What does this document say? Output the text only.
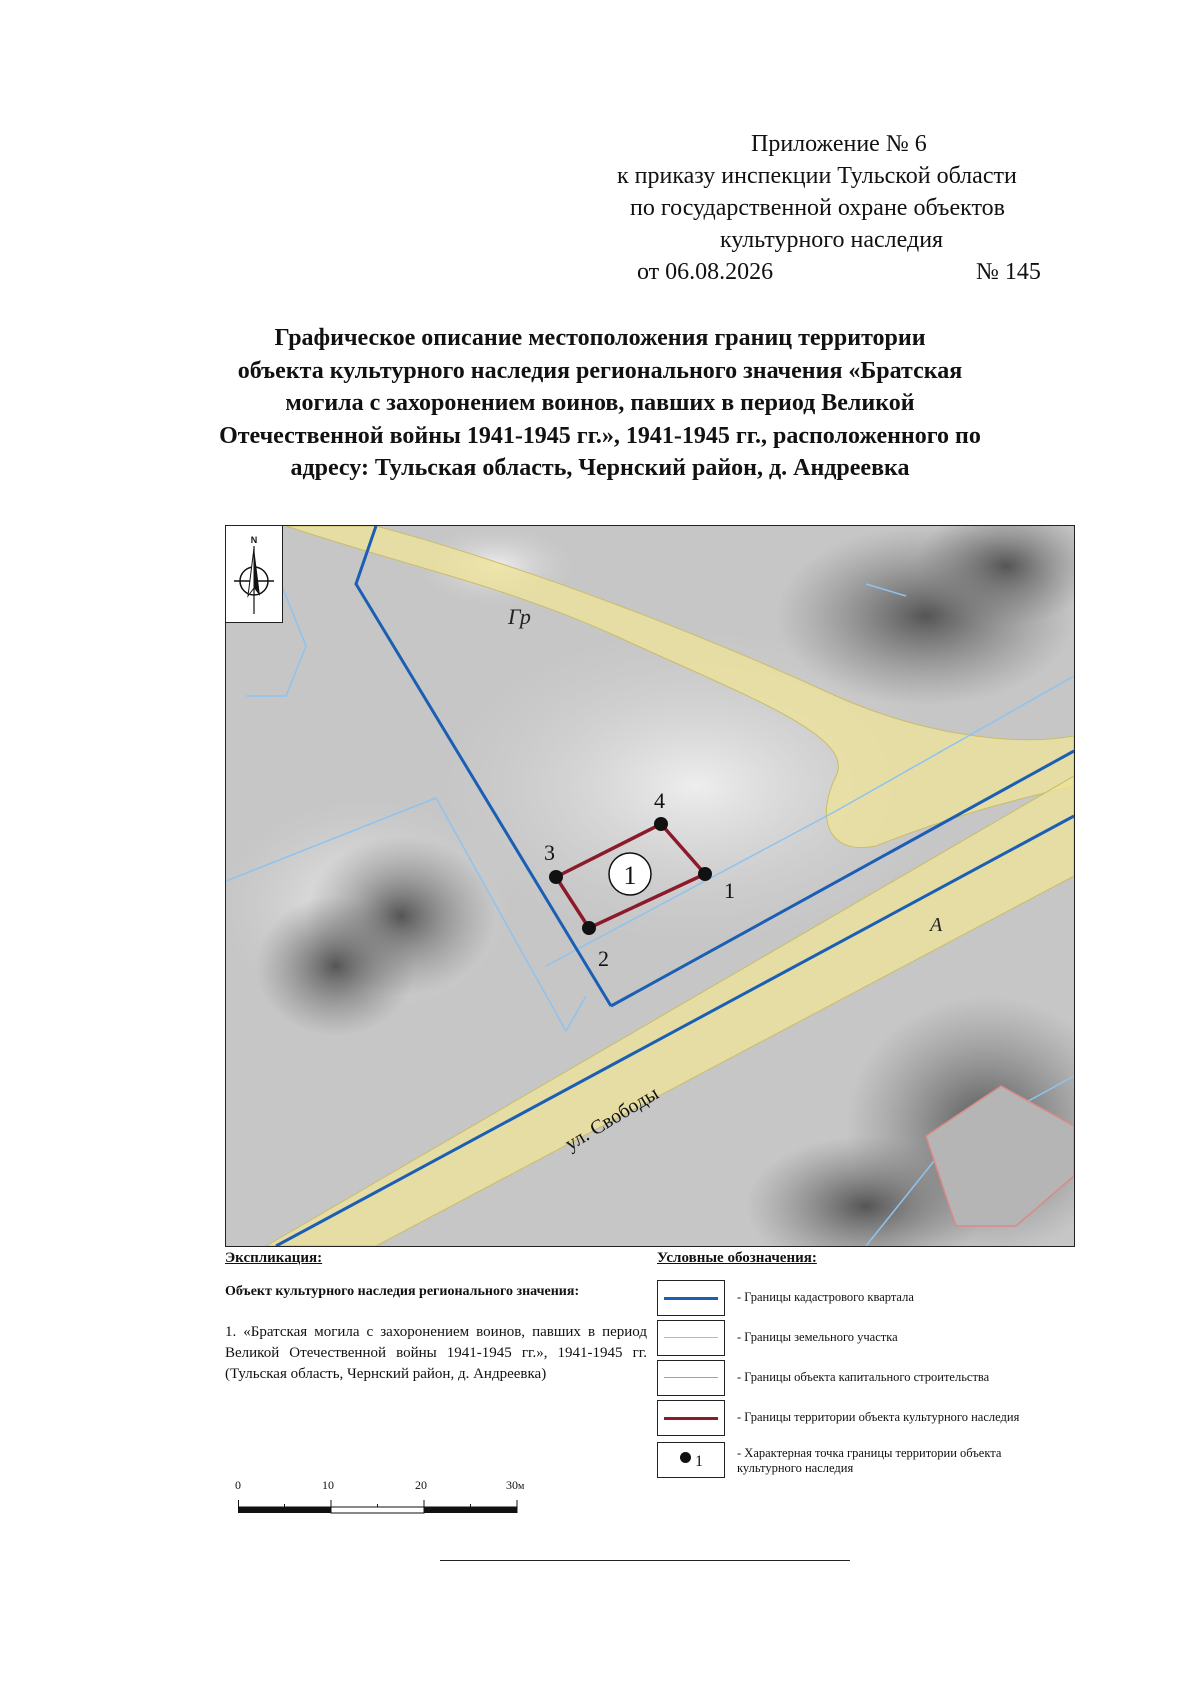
Приложение № 6
к приказу инспекции Тульской области
по государственной охране объектов
культурного наследия
от 06.08.2026	№ 145
Графическое описание местоположения границ территории
объекта культурного наследия регионального значения «Братская
могила с захоронением воинов, павших в период Великой
Отечественной войны 1941-1945 гг.», 1941-1945 гг., расположенного по
адресу: Тульская область, Чернский район, д. Андреевка
1
1
2
3
4
Гр
А
ул. Свободы
N
Экспликация:
Объект культурного наследия регионального значения:
1. «Братская могила с захоронением воинов, павших в период Великой Отечественной войны 1941-1945 гг.», 1941-1945 гг. (Тульская область, Чернский район, д. Андреевка)
Условные обозначения:
- Границы кадастрового квартала
- Границы земельного участка
- Границы объекта капитального строительства
- Границы территории объекта культурного наследия
1	- Характерная точка границы территории объекта культурного наследия
0	10	20	30м
